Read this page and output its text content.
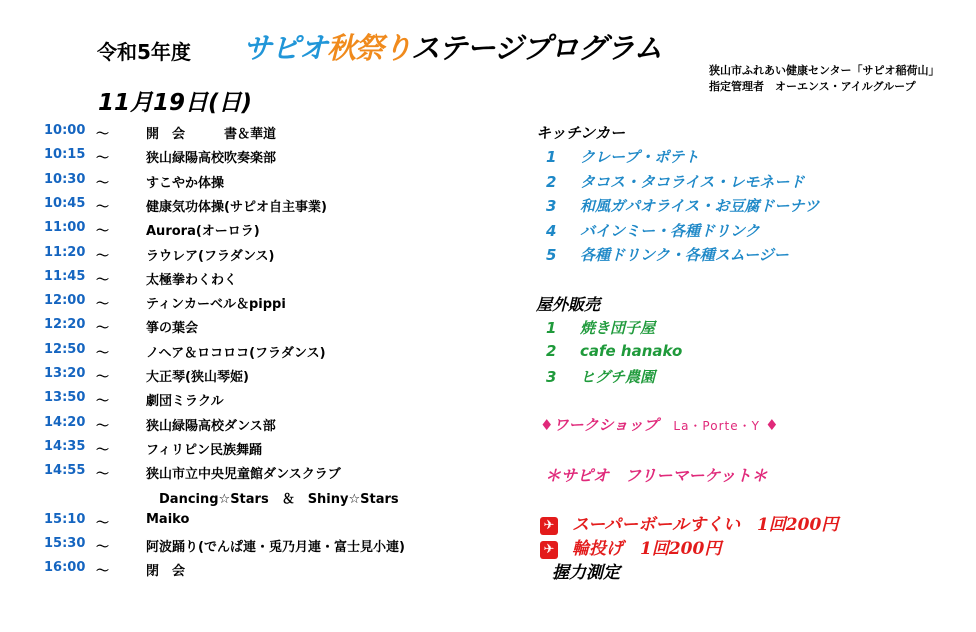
令和5年度 サピオ秋祭りステージプログラム
11月19日(日)
狭山市ふれあい健康センター「サピオ稲荷山」
指定管理者　オーエンス・アイルグループ
10:00 ～	開　会　　　書＆華道
10:15 ～	狭山緑陽高校吹奏楽部
10:30 ～	すこやか体操
10:45 ～	健康気功体操(サピオ自主事業)
11:00 ～	Aurora(オーロラ)
11:20 ～	ラウレア(フラダンス)
11:45 ～	太極拳わくわく
12:00 ～	ティンカーベル＆pippi
12:20 ～	箏の葉会
12:50 ～	ノヘア＆ロコロコ(フラダンス)
13:20 ～	大正琴(狭山琴姫)
13:50 ～	劇団ミラクル
14:20 ～	狭山緑陽高校ダンス部
14:35 ～	フィリピン民族舞踊
14:55 ～	狭山市立中央児童館ダンスクラブ
　Dancing☆Stars　＆　Shiny☆Stars
15:10 ～	Maiko
15:30 ～	阿波踊り(でんぱ連・兎乃月連・富士見小連)
16:00 ～	閉　会
キッチンカー
1 クレープ・ポテト
2 タコス・タコライス・レモネード
3 和風ガパオライス・お豆腐ドーナツ
4 バインミー・各種ドリンク
5 各種ドリンク・各種スムージー
屋外販売
1 焼き団子屋
2 cafe hanako
3 ヒグチ農園
♦ワークショップ La・Porte・Y ♦
＊サピオ　フリーマーケット＊
✈ スーパーボールすくい　1回200円
✈ 輪投げ　1回200円
握力測定
